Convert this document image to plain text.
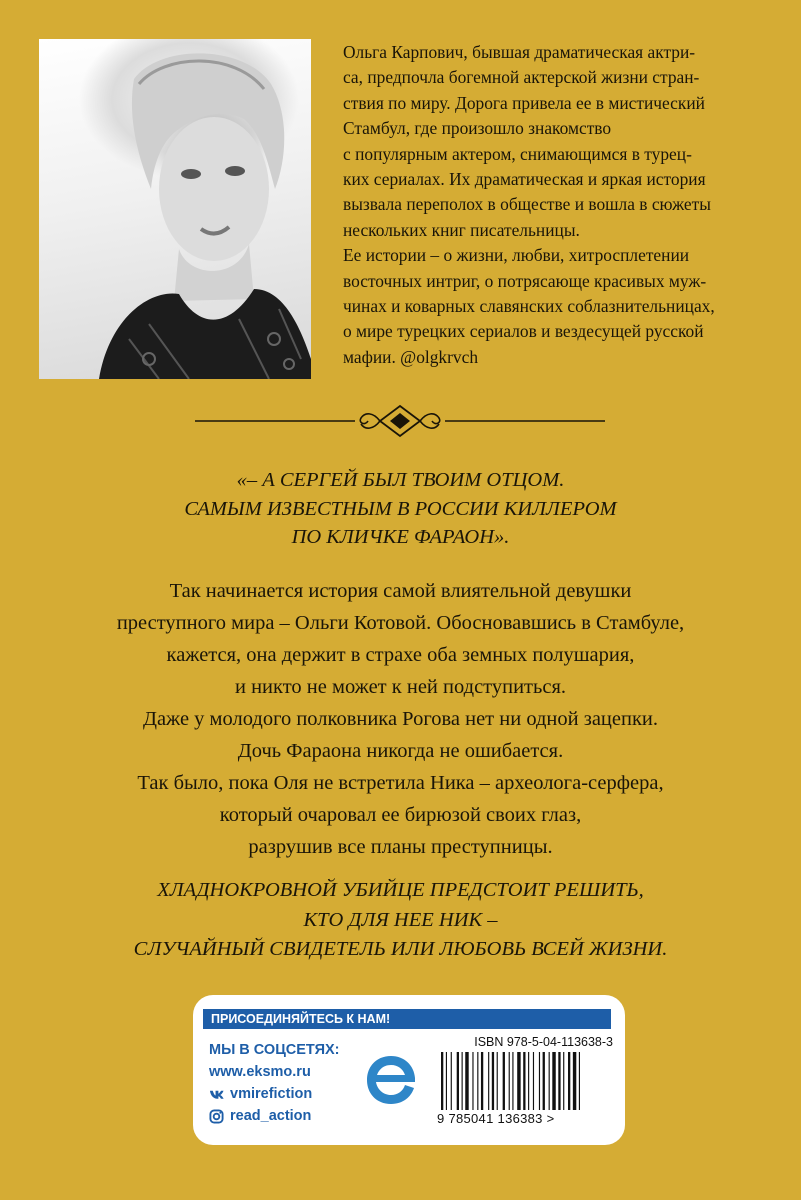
Ольга Карпович, бывшая драматическая актри-
са, предпочла богемной актерской жизни стран-
ствия по миру. Дорога привела ее в мистический
Стамбул, где произошло знакомство
с популярным актером, снимающимся в турец-
ких сериалах. Их драматическая и яркая история
вызвала переполох в обществе и вошла в сюжеты
нескольких книг писательницы.
Ее истории – о жизни, любви, хитросплетении
восточных интриг, о потрясающе красивых муж-
чинах и коварных славянских соблазнительницах,
о мире турецких сериалов и вездесущей русской
мафии. @olgkrvch
«– А СЕРГЕЙ БЫЛ ТВОИМ ОТЦОМ.
САМЫМ ИЗВЕСТНЫМ В РОССИИ КИЛЛЕРОМ
ПО КЛИЧКЕ ФАРАОН».
Так начинается история самой влиятельной девушки
преступного мира – Ольги Котовой. Обосновавшись в Стамбуле,
кажется, она держит в страхе оба земных полушария,
и никто не может к ней подступиться.
Даже у молодого полковника Рогова нет ни одной зацепки.
Дочь Фараона никогда не ошибается.
Так было, пока Оля не встретила Ника – археолога-серфера,
который очаровал ее бирюзой своих глаз,
разрушив все планы преступницы.
ХЛАДНОКРОВНОЙ УБИЙЦЕ ПРЕДСТОИТ РЕШИТЬ,
КТО ДЛЯ НЕЕ НИК –
СЛУЧАЙНЫЙ СВИДЕТЕЛЬ ИЛИ ЛЮБОВЬ ВСЕЙ ЖИЗНИ.
ПРИСОЕДИНЯЙТЕСЬ К НАМ!
МЫ В СОЦСЕТЯХ:
www.eksmo.ru
vmirefiction
read_action
ISBN 978-5-04-113638-3
9 785041 136383 >
